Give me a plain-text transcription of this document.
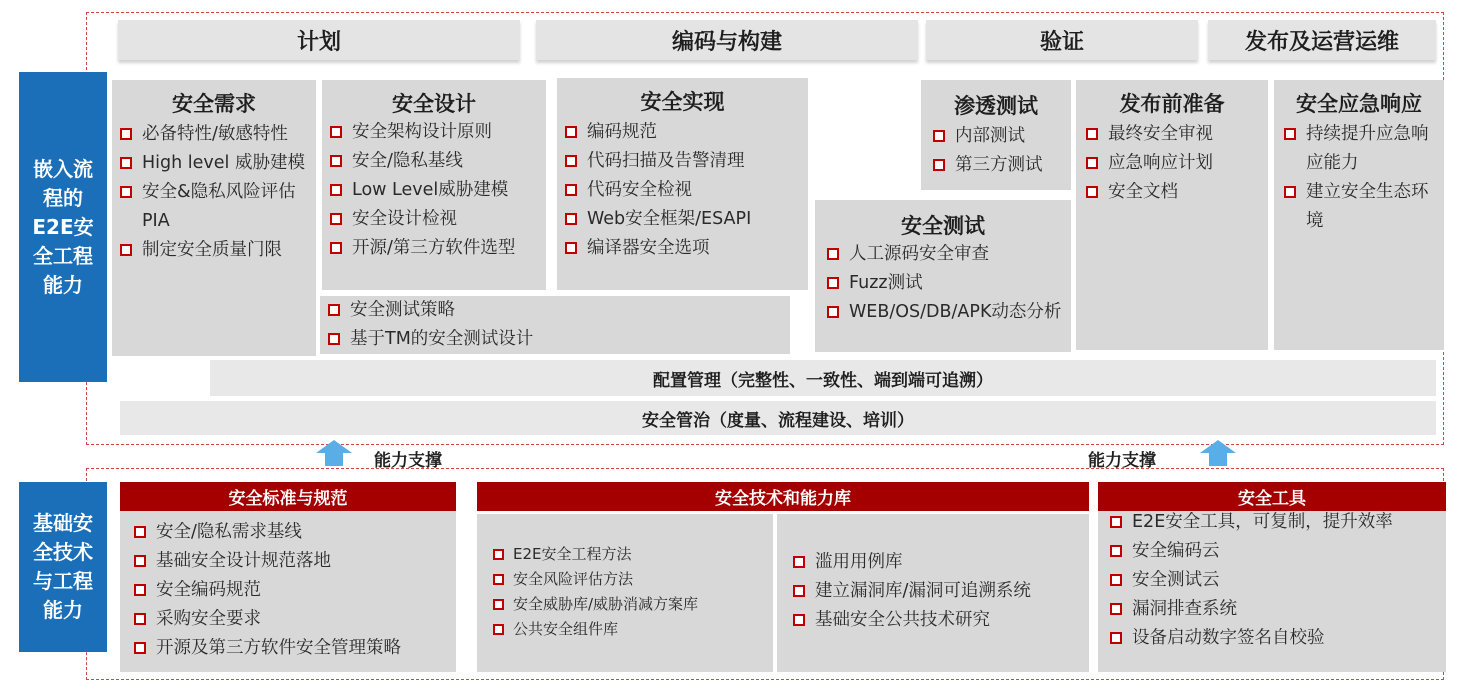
嵌入流
程的
E2E安
全工程
能力
基础安
全技术
与工程
能力
计划	编码与构建	验证	发布及运营运维
安全需求
必备特性/敏感特性
High level 威胁建模
安全&隐私风险评估PIA
制定安全质量门限
安全设计
安全架构设计原则
安全/隐私基线
Low Level威胁建模
安全设计检视
开源/第三方软件选型
安全实现
编码规范
代码扫描及告警清理
代码安全检视
Web安全框架/ESAPI
编译器安全选项
安全测试策略
基于TM的安全测试设计
渗透测试
内部测试
第三方测试
安全测试
人工源码安全审查
Fuzz测试
WEB/OS/DB/APK动态分析
发布前准备
最终安全审视
应急响应计划
安全文档
安全应急响应
持续提升应急响应能力
建立安全生态环境
配置管理（完整性、一致性、端到端可追溯）
安全管治（度量、流程建设、培训）
能力支撑	能力支撑
安全标准与规范
安全/隐私需求基线
基础安全设计规范落地
安全编码规范
采购安全要求
开源及第三方软件安全管理策略
安全技术和能力库
E2E安全工程方法
安全风险评估方法
安全威胁库/威胁消减方案库
公共安全组件库
滥用用例库
建立漏洞库/漏洞可追溯系统
基础安全公共技术研究
安全工具
E2E安全工具，可复制，提升效率
安全编码云
安全测试云
漏洞排查系统
设备启动数字签名自校验
